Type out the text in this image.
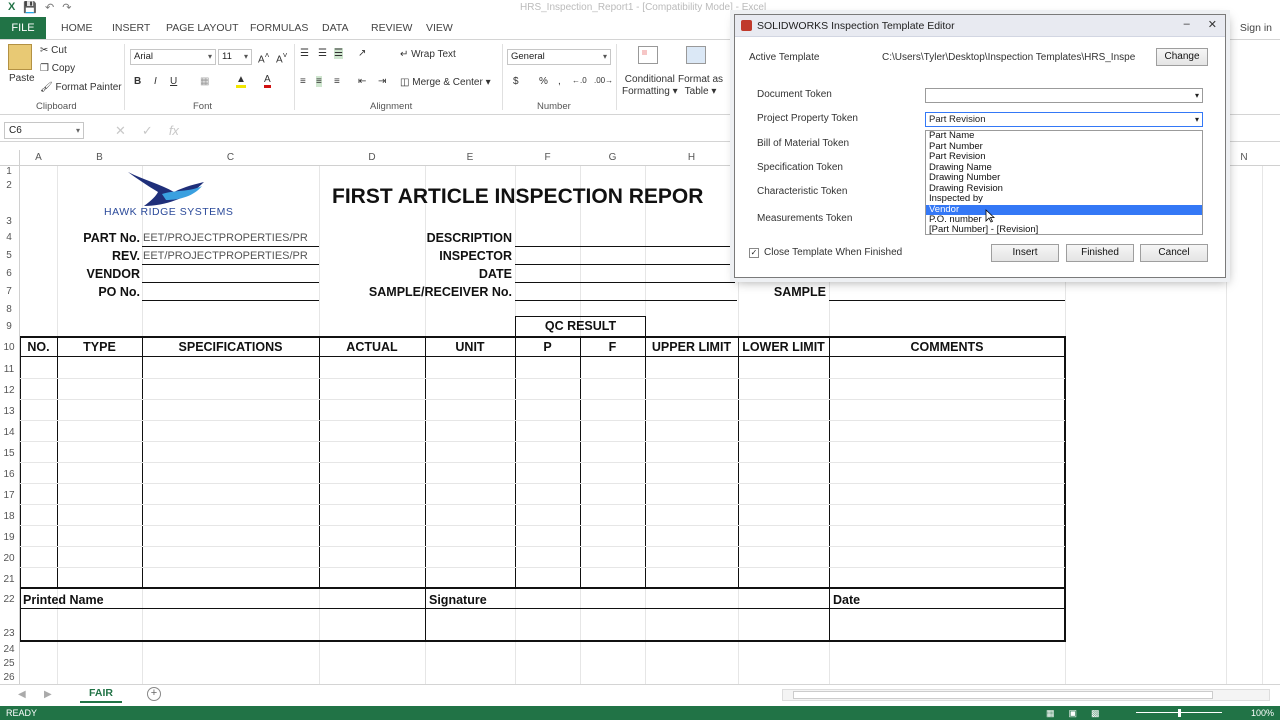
X 💾 ↶ ↷	HRS_Inspection_Report1 - [Compatibility Mode] - Excel
FILE	HOME INSERT PAGE LAYOUT FORMULAS DATA REVIEW VIEW	Sign in
Paste
✂ Cut
❐ Copy
🖌 Format Painter
Clipboard
Arial ▾	11 ▾	A˄ A˅
B I U ▦	▲ A
Font
☰ ☰ ☰ ↗	↵ Wrap Text
≡ ≡ ≡ ⇤ ⇥ ◫ Merge & Center ▾
Alignment
General ▾
$ % , ←.0 .00→
Number
Conditional
Formatting ▾
Format as
Table ▾
C6 ▾	✕ ✓ fx
A	B	C	D	E	F	G	H	N
1
2
3
4
5
6
7
8
9
10
11
12
13
14
15
16
17
18
19
20
21
22
23
24
25
26
HAWK RIDGE SYSTEMS
FIRST ARTICLE INSPECTION REPOR
PART No. EET/PROJECTPROPERTIES/PR
REV. EET/PROJECTPROPERTIES/PR
VENDOR
PO No.
DESCRIPTION
INSPECTOR
DATE
SAMPLE/RECEIVER No.	SAMPLE
QC RESULT
NO.	TYPE	SPECIFICATIONS	ACTUAL	UNIT	P	F	UPPER LIMIT LOWER LIMIT	COMMENTS
Printed Name	Signature	Date
◀ ▶	FAIR	+
READY	▦ ▣ ▩	100%
SOLIDWORKS Inspection Template Editor	– ✕
Active Template	C:\Users\Tyler\Desktop\Inspection Templates\HRS_Inspe	Change
Document Token
▾
Project Property Token	Part Revision ▾
Bill of Material Token
Specification Token
Characteristic Token
Measurements Token
Part Name
Part Number
Part Revision
Drawing Name
Drawing Number
Drawing Revision
Inspected by
Vendor
P.O. number
[Part Number] - [Revision]
✓ Close Template When Finished	Insert	Finished	Cancel
